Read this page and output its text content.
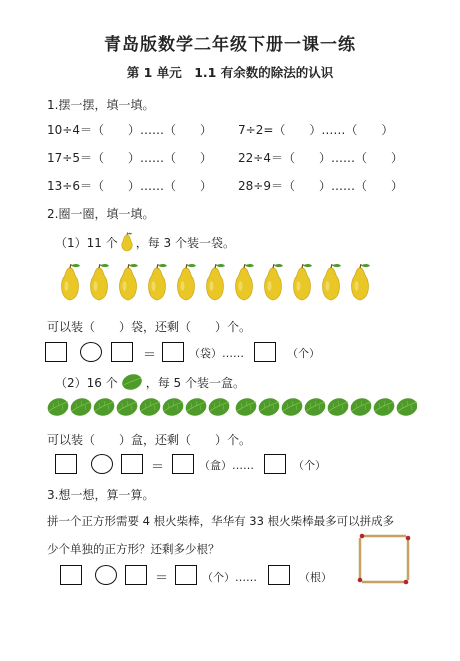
青岛版数学二年级下册一课一练
第 1 单元　1.1 有余数的除法的认识
1.摆一摆，填一填。
10÷4＝（　　）……（　　） 7÷2=（　　）……（　　）
17÷5＝（　　）……（　　） 22÷4＝（　　）……（　　）
13÷6＝（　　）……（　　） 28÷9＝（　　）……（　　）
2.圈一圈，填一填。
（1）11 个 ，每 3 个装一袋。
可以装（　　）袋，还剩（　　）个。
＝	（袋）……	（个）
（2）16 个 ，每 5 个装一盒。
可以装（　　）盒，还剩（　　）个。
＝	（盒）……	（个）
3.想一想，算一算。
拼一个正方形需要 4 根火柴棒，华华有 33 根火柴棒最多可以拼成多
少个单独的正方形？还剩多少根？
＝	（个）……	（根）
